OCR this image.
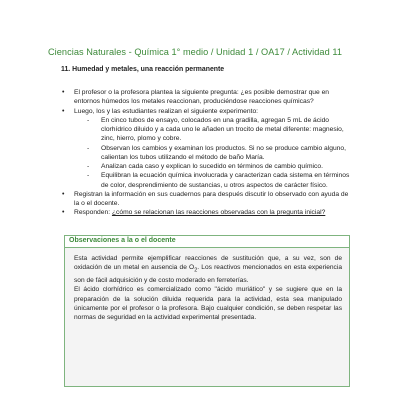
Ciencias Naturales - Química 1° medio / Unidad 1 / OA17 / Actividad 11
11. Humedad y metales, una reacción permanente
• El profesor o la profesora plantea la siguiente pregunta: ¿es posible demostrar que en entornos húmedos los metales reaccionan, produciéndose reacciones químicas?
• Luego, los y las estudiantes realizan el siguiente experimento:
- En cinco tubos de ensayo, colocados en una gradilla, agregan 5 mL de ácido clorhídrico diluido y a cada uno le añaden un trocito de metal diferente: magnesio, zinc, hierro, plomo y cobre.
- Observan los cambios y examinan los productos. Si no se produce cambio alguno, calientan los tubos utilizando el método de baño María.
- Analizan cada caso y explican lo sucedido en términos de cambio químico.
- Equilibran la ecuación química involucrada y caracterizan cada sistema en términos de color, desprendimiento de sustancias, u otros aspectos de carácter físico.
• Registran la información en sus cuadernos para después discutir lo observado con ayuda de la o el docente.
• Responden: ¿cómo se relacionan las reacciones observadas con la pregunta inicial?
Observaciones a la o el docente

Esta actividad permite ejemplificar reacciones de sustitución que, a su vez, son de oxidación de un metal en ausencia de $O_2$. Los reactivos mencionados en esta experiencia son de fácil adquisición y de costo moderado en ferreterías.

El ácido clorhídrico es comercializado como "ácido muriático" y se sugiere que en la preparación de la solución diluida requerida para la actividad, esta sea manipulado únicamente por el profesor o la profesora. Bajo cualquier condición, se deben respetar las normas de seguridad en la actividad experimental presentada.
